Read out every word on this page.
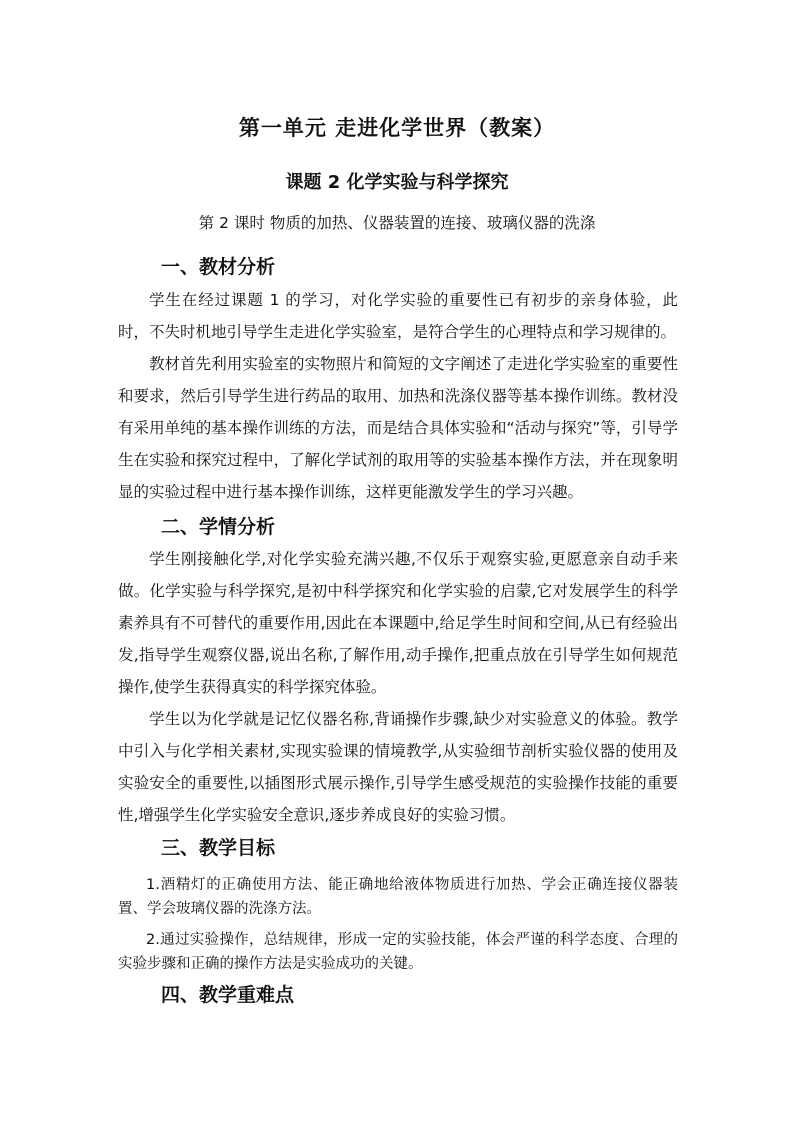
第一单元 走进化学世界（教案）
课题 2 化学实验与科学探究
第 2 课时 物质的加热、仪器装置的连接、玻璃仪器的洗涤
一、教材分析
学生在经过课题 1 的学习，对化学实验的重要性已有初步的亲身体验，此时，不失时机地引导学生走进化学实验室，是符合学生的心理特点和学习规律的。
教材首先利用实验室的实物照片和简短的文字阐述了走进化学实验室的重要性和要求，然后引导学生进行药品的取用、加热和洗涤仪器等基本操作训练。教材没有采用单纯的基本操作训练的方法，而是结合具体实验和“活动与探究”等，引导学生在实验和探究过程中，了解化学试剂的取用等的实验基本操作方法，并在现象明显的实验过程中进行基本操作训练，这样更能激发学生的学习兴趣。
二、学情分析
学生刚接触化学,对化学实验充满兴趣,不仅乐于观察实验,更愿意亲自动手来做。化学实验与科学探究,是初中科学探究和化学实验的启蒙,它对发展学生的科学素养具有不可替代的重要作用,因此在本课题中,给足学生时间和空间,从已有经验出发,指导学生观察仪器,说出名称,了解作用,动手操作,把重点放在引导学生如何规范操作,使学生获得真实的科学探究体验。
学生以为化学就是记忆仪器名称,背诵操作步骤,缺少对实验意义的体验。教学中引入与化学相关素材,实现实验课的情境教学,从实验细节剖析实验仪器的使用及实验安全的重要性,以插图形式展示操作,引导学生感受规范的实验操作技能的重要性,增强学生化学实验安全意识,逐步养成良好的实验习惯。
三、教学目标
1.酒精灯的正确使用方法、能正确地给液体物质进行加热、学会正确连接仪器装置、学会玻璃仪器的洗涤方法。
2.通过实验操作，总结规律，形成一定的实验技能，体会严谨的科学态度、合理的实验步骤和正确的操作方法是实验成功的关键。
四、教学重难点
